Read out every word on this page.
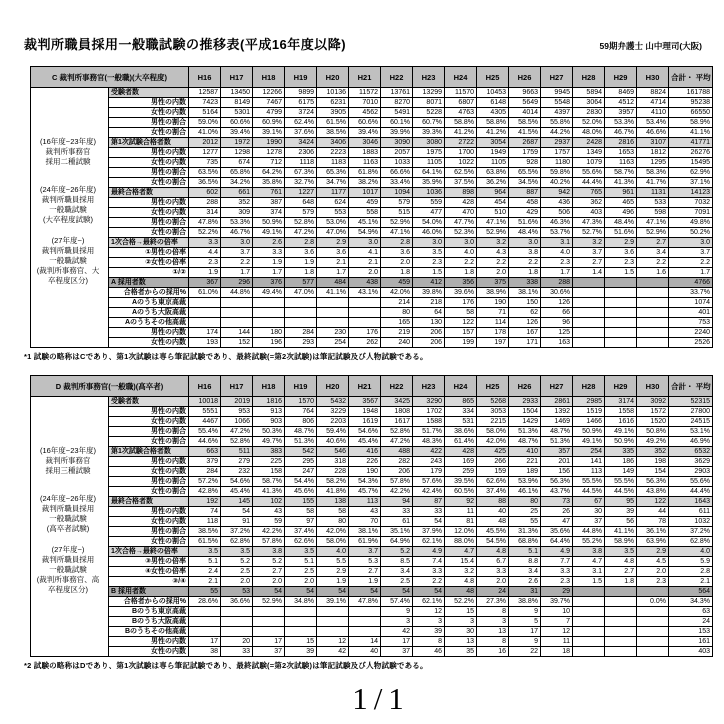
裁判所職員採用一般職試験の推移表(平成16年度以降)	59期弁護士 山中理司(大阪)
C 裁判所事務官(一般職)(大卒程度)		H16	H17	H18	H19	H20	H21	H22	H23	H24	H25	H26	H27	H28	H29	H30	合計・ 平均

(16年度~23年度)
裁判所事務官
採用二種試験
(24年度~26年度)
裁判所職員採用
一般職試験
(大卒程度試験)
(27年度~)
裁判所職員採用
一般職試験
(裁判所事務官、大
卒程度区分)
	受験者数	12587	13450	12266	9899	10136	11572	13761	13299	11570	10453	9663	9945	5894	8469	8824	161788
	男性の内数	7423	8149	7467	6175	6231	7010	8270	8071	6807	6148	5649	5548	3064	4512	4714	95238
	女性の内数	5164	5301	4799	3724	3905	4562	5491	5228	4763	4305	4014	4397	2830	3957	4110	66550
	男性の割合	59.0%	60.6%	60.9%	62.4%	61.5%	60.6%	60.1%	60.7%	58.8%	58.8%	58.5%	55.8%	52.0%	53.3%	53.4%	58.9%
	女性の割合	41.0%	39.4%	39.1%	37.6%	38.5%	39.4%	39.9%	39.3%	41.2%	41.2%	41.5%	44.2%	48.0%	46.7%	46.6%	41.1%
	第1次試験合格者数	2012	1972	1990	3424	3406	3046	3090	3080	2722	3054	2687	2937	2428	2816	3107	41771
	男性の内数	1277	1298	1278	2306	2223	1883	2057	1975	1700	1949	1759	1757	1349	1653	1812	26276
	女性の内数	735	674	712	1118	1183	1163	1033	1105	1022	1105	928	1180	1079	1163	1295	15495
	男性の割合	63.5%	65.8%	64.2%	67.3%	65.3%	61.8%	66.6%	64.1%	62.5%	63.8%	65.5%	59.8%	55.6%	58.7%	58.3%	62.9%
	女性の割合	36.5%	34.2%	35.8%	32.7%	34.7%	38.2%	33.4%	35.9%	37.5%	36.2%	34.5%	40.2%	44.4%	41.3%	41.7%	37.1%
	最終合格者数	602	661	761	1227	1177	1017	1094	1036	898	964	887	942	765	961	1131	14123
	男性の内数	288	352	387	648	624	459	579	559	428	454	458	436	362	465	533	7032
	女性の内数	314	309	374	579	553	558	515	477	470	510	429	506	403	496	598	7091
	男性の割合	47.8%	53.3%	50.9%	52.8%	53.0%	45.1%	52.9%	54.0%	47.7%	47.1%	51.6%	46.3%	47.3%	48.4%	47.1%	49.8%
	女性の割合	52.2%	46.7%	49.1%	47.2%	47.0%	54.9%	47.1%	46.0%	52.3%	52.9%	48.4%	53.7%	52.7%	51.6%	52.9%	50.2%
	1次合格→最終の倍率	3.3	3.0	2.6	2.8	2.9	3.0	2.8	3.0	3.0	3.2	3.0	3.1	3.2	2.9	2.7	3.0
	①男性の倍率	4.4	3.7	3.3	3.6	3.6	4.1	3.6	3.5	4.0	4.3	3.8	4.0	3.7	3.6	3.4	3.7
	②女性の倍率	2.3	2.2	1.9	1.9	2.1	2.1	2.0	2.3	2.2	2.2	2.2	2.3	2.7	2.3	2.2	2.2
	①/②	1.9	1.7	1.7	1.8	1.7	2.0	1.8	1.5	1.8	2.0	1.8	1.7	1.4	1.5	1.6	1.7
	A 採用者数	367	296	376	577	484	438	459	412	356	375	338	288				4766
	合格者からの採用%	61.0%	44.8%	49.4%	47.0%	41.1%	43.1%	42.0%	39.8%	39.6%	38.9%	38.1%	30.6%				33.7%
	Aのうち東京高裁							214	218	176	190	150	126				1074
	Aのうち大阪高裁							80	64	58	71	62	66				401
	Aのうちその他高裁							165	130	122	114	126	96				753
	男性の内数	174	144	180	284	230	176	219	206	157	178	167	125				2240
	女性の内数	193	152	196	293	254	262	240	206	199	197	171	163				2526
*1 試験の略称はCであり、第1次試験は専ら筆記試験であり、最終試験(=第2次試験)は筆記試験及び人物試験である。
D 裁判所事務官(一般職)(高卒者)		H16	H17	H18	H19	H20	H21	H22	H23	H24	H25	H26	H27	H28	H29	H30	合計・ 平均

(16年度~23年度)
裁判所事務官
採用三種試験
(24年度~26年度)
裁判所職員採用
一般職試験
(高卒者試験)
(27年度~)
裁判所職員採用
一般職試験
(裁判所事務官、高
卒程度区分)
	受験者数	10018	2019	1816	1570	5432	3567	3425	3290	865	5268	2933	2861	2985	3174	3092	52315
	男性の内数	5551	953	913	764	3229	1948	1808	1702	334	3053	1504	1392	1519	1558	1572	27800
	女性の内数	4467	1066	903	806	2203	1619	1617	1588	531	2215	1429	1469	1466	1616	1520	24515
	男性の割合	55.4%	47.2%	50.3%	48.7%	59.4%	54.6%	52.8%	51.7%	38.6%	58.0%	51.3%	48.7%	50.9%	49.1%	50.8%	53.1%
	女性の割合	44.6%	52.8%	49.7%	51.3%	40.6%	45.4%	47.2%	48.3%	61.4%	42.0%	48.7%	51.3%	49.1%	50.9%	49.2%	46.9%
	第1次試験合格者数	663	511	383	542	546	416	488	422	428	425	410	357	254	335	352	6532
	男性の内数	379	279	225	295	318	226	282	243	169	266	221	201	141	186	198	3629
	女性の内数	284	232	158	247	228	190	206	179	259	159	189	156	113	149	154	2903
	男性の割合	57.2%	54.6%	58.7%	54.4%	58.2%	54.3%	57.8%	57.6%	39.5%	62.6%	53.9%	56.3%	55.5%	55.5%	56.3%	55.6%
	女性の割合	42.8%	45.4%	41.3%	45.6%	41.8%	45.7%	42.2%	42.4%	60.5%	37.4%	46.1%	43.7%	44.5%	44.5%	43.8%	44.4%
	最終合格者数	192	145	102	155	138	113	94	87	92	88	80	73	67	95	122	1643
	男性の内数	74	54	43	58	58	43	33	33	11	40	25	26	30	39	44	611
	女性の内数	118	91	59	97	80	70	61	54	81	48	55	47	37	56	78	1032
	男性の割合	38.5%	37.2%	42.2%	37.4%	42.0%	38.1%	35.1%	37.9%	12.0%	45.5%	31.3%	35.6%	44.8%	41.1%	36.1%	37.2%
	女性の割合	61.5%	62.8%	57.8%	62.6%	58.0%	61.9%	64.9%	62.1%	88.0%	54.5%	68.8%	64.4%	55.2%	58.9%	63.9%	62.8%
	1次合格→最終の倍率	3.5	3.5	3.8	3.5	4.0	3.7	5.2	4.9	4.7	4.8	5.1	4.9	3.8	3.5	2.9	4.0
	③男性の倍率	5.1	5.2	5.2	5.1	5.5	5.3	8.5	7.4	15.4	6.7	8.8	7.7	4.7	4.8	4.5	5.9
	④女性の倍率	2.4	2.5	2.7	2.5	2.9	2.7	3.4	3.3	3.2	3.3	3.4	3.3	3.1	2.7	2.0	2.8
	③/④	2.1	2.0	2.0	2.0	1.9	1.9	2.5	2.2	4.8	2.0	2.6	2.3	1.5	1.8	2.3	2.1
	B 採用者数	55	53	54	54	54	54	54	54	48	24	31	29				564
	合格者からの採用%	28.6%	36.6%	52.9%	34.8%	39.1%	47.8%	57.4%	62.1%	52.2%	27.3%	38.8%	39.7%			0.0%	34.3%
	Bのうち東京高裁							9	12	15	8	9	10				63
	Bのうち大阪高裁							3	3	3	3	5	7				24
	Bのうちその他高裁							42	39	30	13	17	12				153
	男性の内数	17	20	17	15	12	14	17	8	13	8	9	11				161
	女性の内数	38	33	37	39	42	40	37	46	35	16	22	18				403
*2 試験の略称はDであり、第1次試験は専ら筆記試験であり、最終試験(=第2次試験)は筆記試験及び人物試験である。
1/1
